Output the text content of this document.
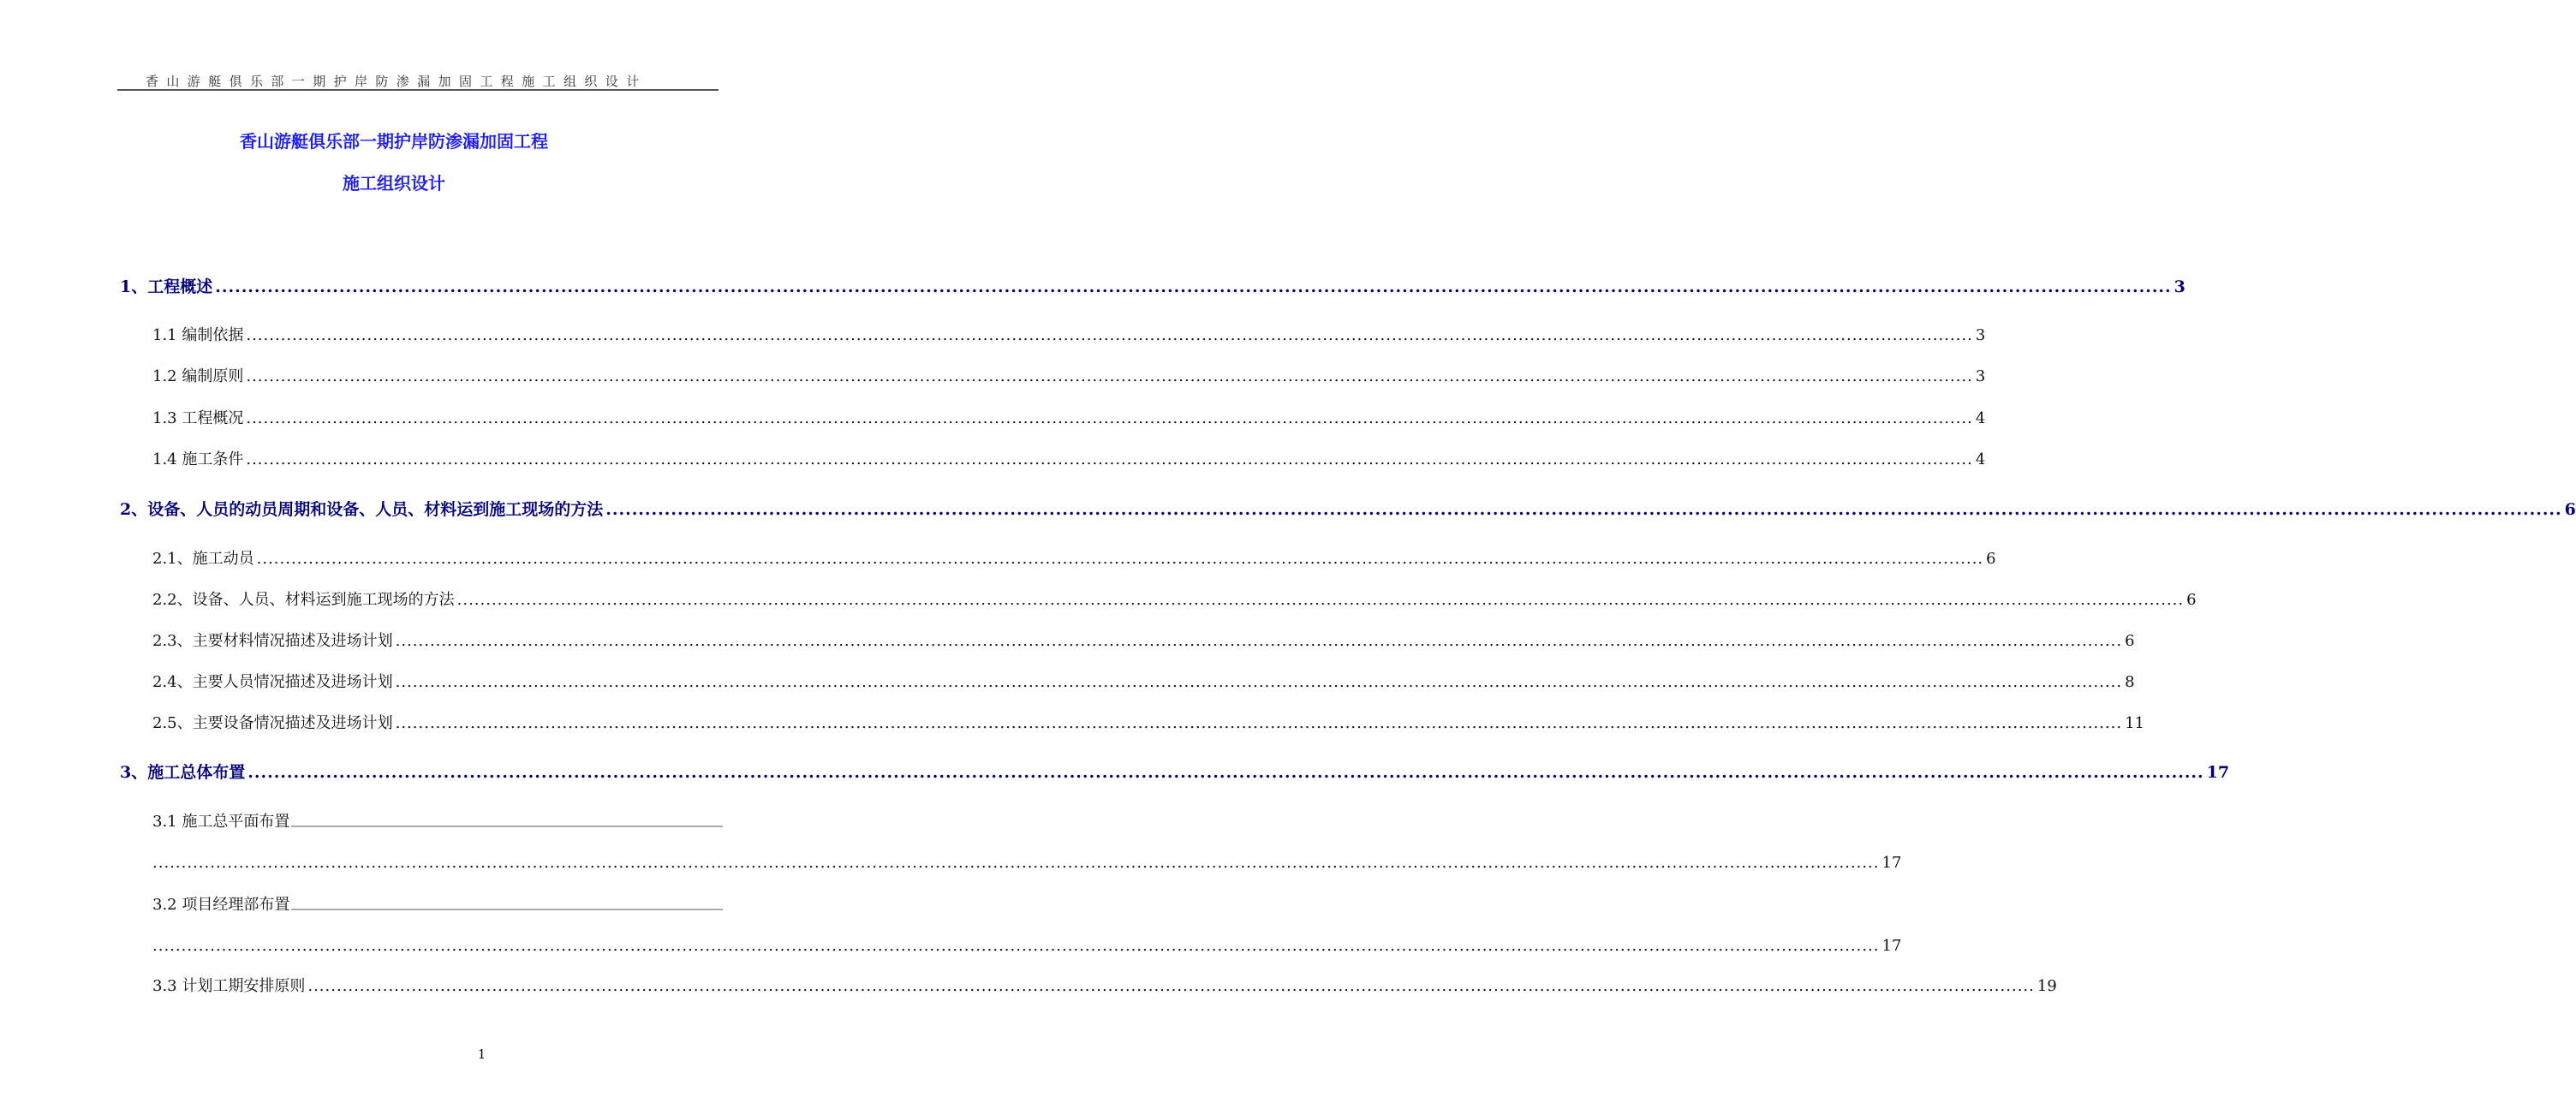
香山游艇俱乐部一期护岸防渗漏加固工程施工组织设计
香山游艇俱乐部一期护岸防渗漏加固工程
施工组织设计
1、工程概述 ............................................................................................................................................................................................................................................................................................................ 3
1.1 编制依据 ............................................................................................................................................................................................................................................................................................................ 3
1.2 编制原则 ............................................................................................................................................................................................................................................................................................................ 3
1.3 工程概况 ............................................................................................................................................................................................................................................................................................................ 4
1.4 施工条件 ............................................................................................................................................................................................................................................................................................................ 4
2、设备、人员的动员周期和设备、人员、材料运到施工现场的方法 ............................................................................................................................................................................................................................................................................................................ 6
2.1、施工动员 ............................................................................................................................................................................................................................................................................................................ 6
2.2、设备、人员、材料运到施工现场的方法 ............................................................................................................................................................................................................................................................................................................ 6
2.3、主要材料情况描述及进场计划 ............................................................................................................................................................................................................................................................................................................ 6
2.4、主要人员情况描述及进场计划 ............................................................................................................................................................................................................................................................................................................ 8
2.5、主要设备情况描述及进场计划 ............................................................................................................................................................................................................................................................................................................ 11
3、施工总体布置 ............................................................................................................................................................................................................................................................................................................ 17
3.1 施工总平面布置
............................................................................................................................................................................................................................................................................................................ 17
3.2 项目经理部布置
............................................................................................................................................................................................................................................................................................................ 17
3.3 计划工期安排原则 ............................................................................................................................................................................................................................................................................................................ 19
1
